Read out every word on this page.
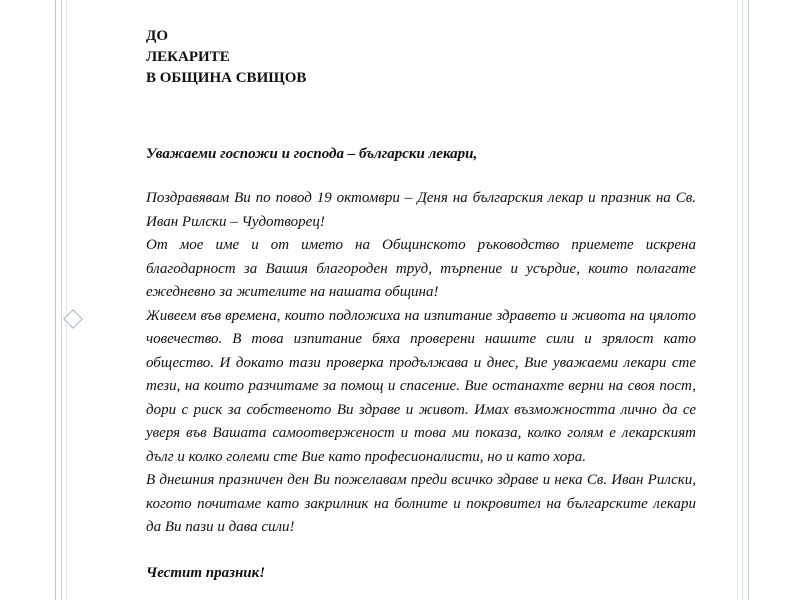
ДО
ЛЕКАРИТЕ
В ОБЩИНА СВИЩОВ
Уважаеми госпожи и господа – български лекари,

Поздравявам Ви по повод 19 октомври – Деня на българския лекар и празник на Св. Иван Рилски – Чудотворец!

От мое име и от името на Общинското ръководство приемете искрена благодарност за Вашия благороден труд, търпение и усърдие, които полагате ежедневно за жителите на нашата община!

Живеем във времена, които подложиха на изпитание здравето и живота на цялото човечество. В това изпитание бяха проверени нашите сили и зрялост като общество. И докато тази проверка продължава и днес, Вие уважаеми лекари сте тези, на които разчитаме за помощ и спасение. Вие останахте верни на своя пост, дори с риск за собственото Ви здраве и живот. Имах възможността лично да се уверя във Вашата самоотверженост и това ми показа, колко голям е лекарският дълг и колко големи сте Вие като професионалисти, но и като хора.

В днешния празничен ден Ви пожелавам преди всичко здраве и нека Св. Иван Рилски, когото почитаме като закрилник на болните и покровител на българските лекари да Ви пази и дава сили!

Честит празник!
